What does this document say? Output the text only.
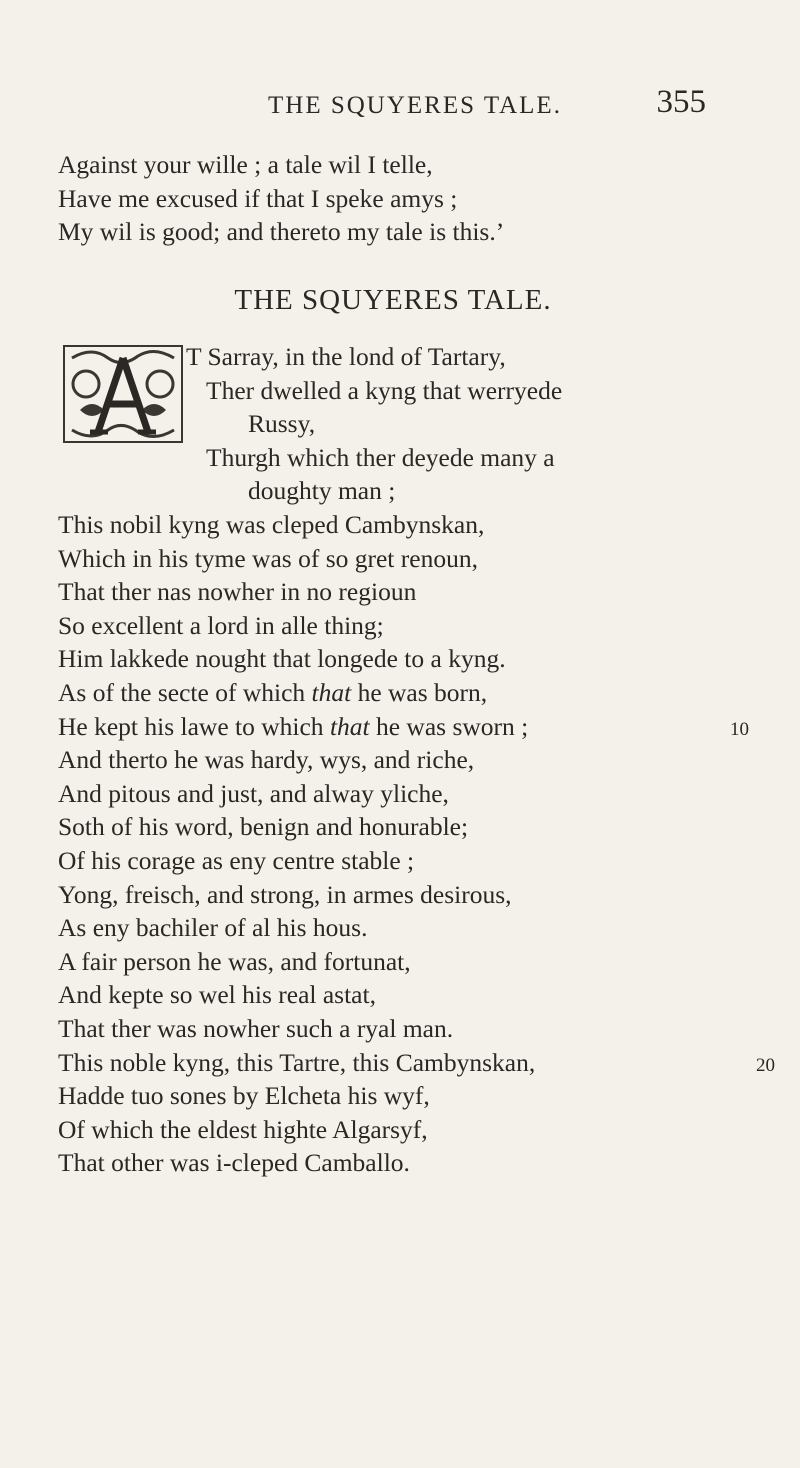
THE SQUYERES TALE.	355
Against your wille ; a tale wil I telle,
Have me excused if that I speke amys ;
My wil is good; and thereto my tale is this.’
THE SQUYERES TALE.
T Sarray, in the lond of Tartary,
Ther dwelled a kyng that werryede
Russy,
Thurgh which ther deyede many a
doughty man ;
This nobil kyng was cleped Cambynskan,
Which in his tyme was of so gret renoun,
That ther nas nowher in no regioun
So excellent a lord in alle thing;
Him lakkede nought that longede to a kyng.
As of the secte of which that he was born,
He kept his lawe to which that he was sworn ;	10
And therto he was hardy, wys, and riche,
And pitous and just, and alway yliche,
Soth of his word, benign and honurable;
Of his corage as eny centre stable ;
Yong, freisch, and strong, in armes desirous,
As eny bachiler of al his hous.
A fair person he was, and fortunat,
And kepte so wel his real astat,
That ther was nowher such a ryal man.
This noble kyng, this Tartre, this Cambynskan,	20
Hadde tuo sones by Elcheta his wyf,
Of which the eldest highte Algarsyf,
That other was i-cleped Camballo.
